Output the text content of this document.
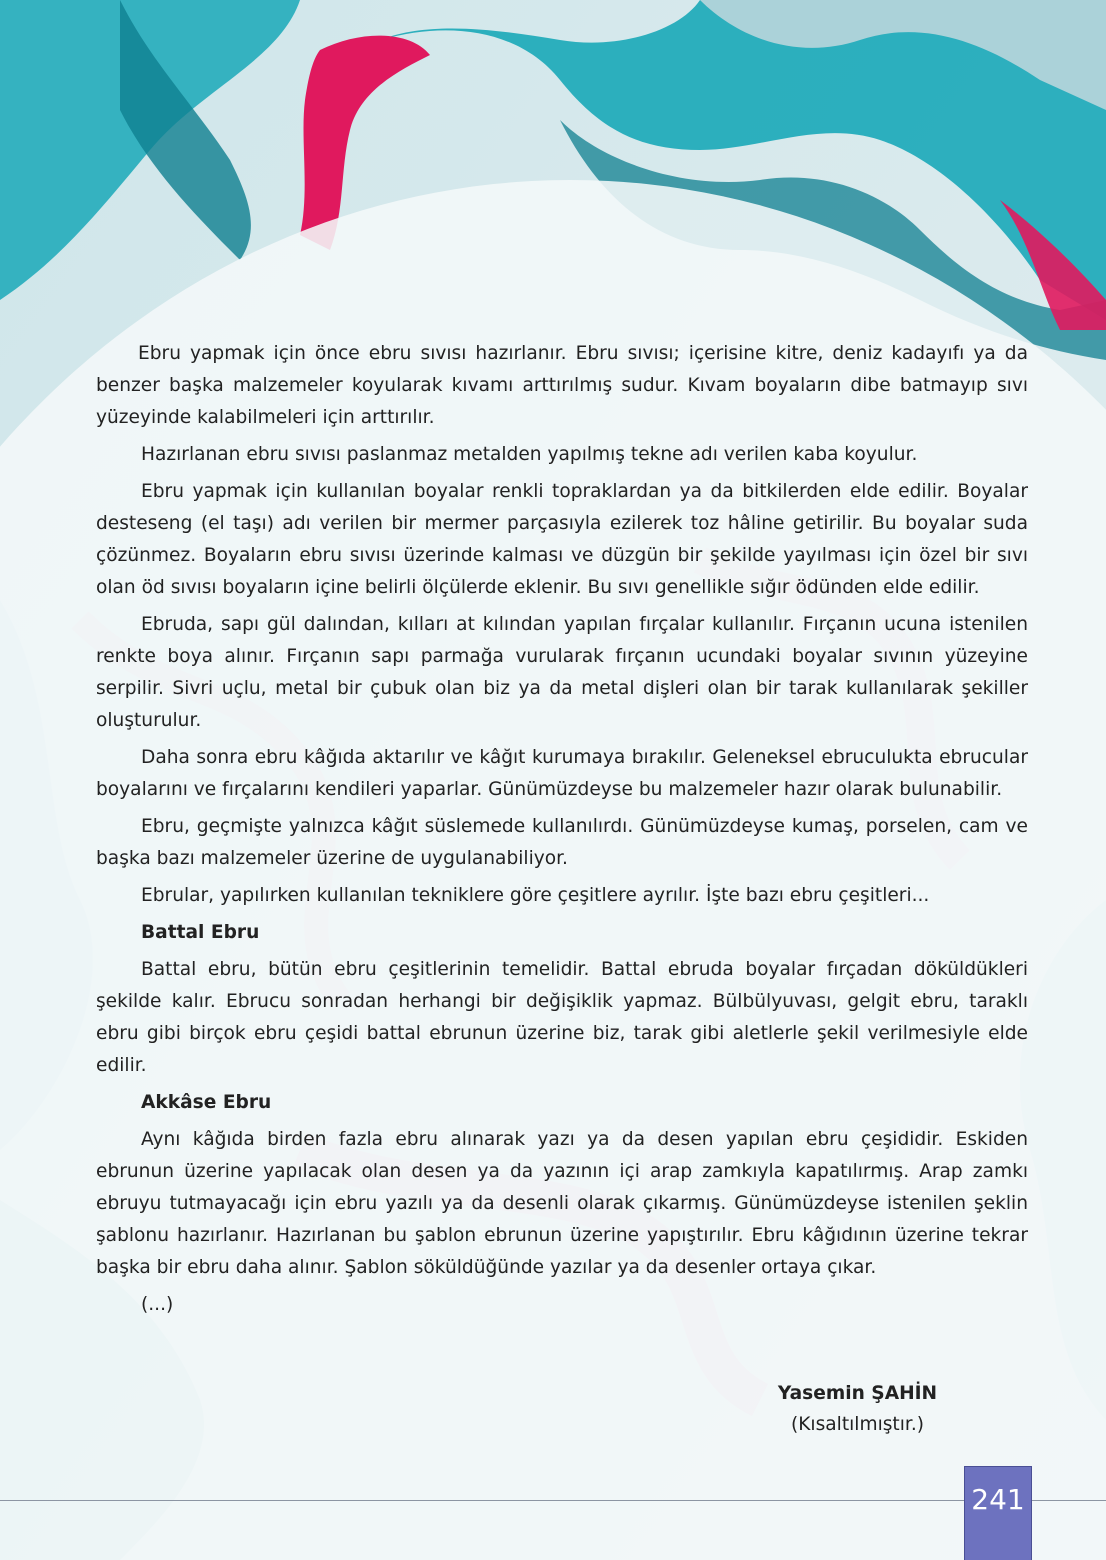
Ebru yapmak için önce ebru sıvısı hazırlanır. Ebru sıvısı; içerisine kitre, deniz kadayıfı ya da benzer başka malzemeler koyularak kıvamı arttırılmış sudur. Kıvam boyaların dibe batmayıp sıvı yüzeyinde kalabilmeleri için arttırılır.

Hazırlanan ebru sıvısı paslanmaz metalden yapılmış tekne adı verilen kaba koyulur.

Ebru yapmak için kullanılan boyalar renkli topraklardan ya da bitkilerden elde edilir. Boyalar desteseng (el taşı) adı verilen bir mermer parçasıyla ezilerek toz hâline getirilir. Bu boyalar suda çözünmez. Boyaların ebru sıvısı üzerinde kalması ve düzgün bir şekilde yayılması için özel bir sıvı olan öd sıvısı boyaların içine belirli ölçülerde eklenir. Bu sıvı genellikle sığır ödünden elde edilir.

Ebruda, sapı gül dalından, kılları at kılından yapılan fırçalar kullanılır. Fırçanın ucuna istenilen renkte boya alınır. Fırçanın sapı parmağa vurularak fırçanın ucundaki boyalar sıvının yüzeyine serpilir. Sivri uçlu, metal bir çubuk olan biz ya da metal dişleri olan bir tarak kullanılarak şekiller oluşturulur.

Daha sonra ebru kâğıda aktarılır ve kâğıt kurumaya bırakılır. Geleneksel ebruculukta ebrucular boyalarını ve fırçalarını kendileri yaparlar. Günümüzdeyse bu malzemeler hazır olarak bulunabilir.

Ebru, geçmişte yalnızca kâğıt süslemede kullanılırdı. Günümüzdeyse kumaş, porselen, cam ve başka bazı malzemeler üzerine de uygulanabiliyor.

Ebrular, yapılırken kullanılan tekniklere göre çeşitlere ayrılır. İşte bazı ebru çeşitleri...

Battal Ebru

Battal ebru, bütün ebru çeşitlerinin temelidir. Battal ebruda boyalar fırçadan döküldükleri şekilde kalır. Ebrucu sonradan herhangi bir değişiklik yapmaz. Bülbülyuvası, gelgit ebru, taraklı ebru gibi birçok ebru çeşidi battal ebrunun üzerine biz, tarak gibi aletlerle şekil verilmesiyle elde edilir.

Akkâse Ebru

Aynı kâğıda birden fazla ebru alınarak yazı ya da desen yapılan ebru çeşididir. Eskiden ebrunun üzerine yapılacak olan desen ya da yazının içi arap zamkıyla kapatılırmış. Arap zamkı ebruyu tutmayacağı için ebru yazılı ya da desenli olarak çıkarmış. Günümüzdeyse istenilen şeklin şablonu hazırlanır. Hazırlanan bu şablon ebrunun üzerine yapıştırılır. Ebru kâğıdının üzerine tekrar başka bir ebru daha alınır. Şablon söküldüğünde yazılar ya da desenler ortaya çıkar.

(...)

Yasemin ŞAHİN
(Kısaltılmıştır.)
241
